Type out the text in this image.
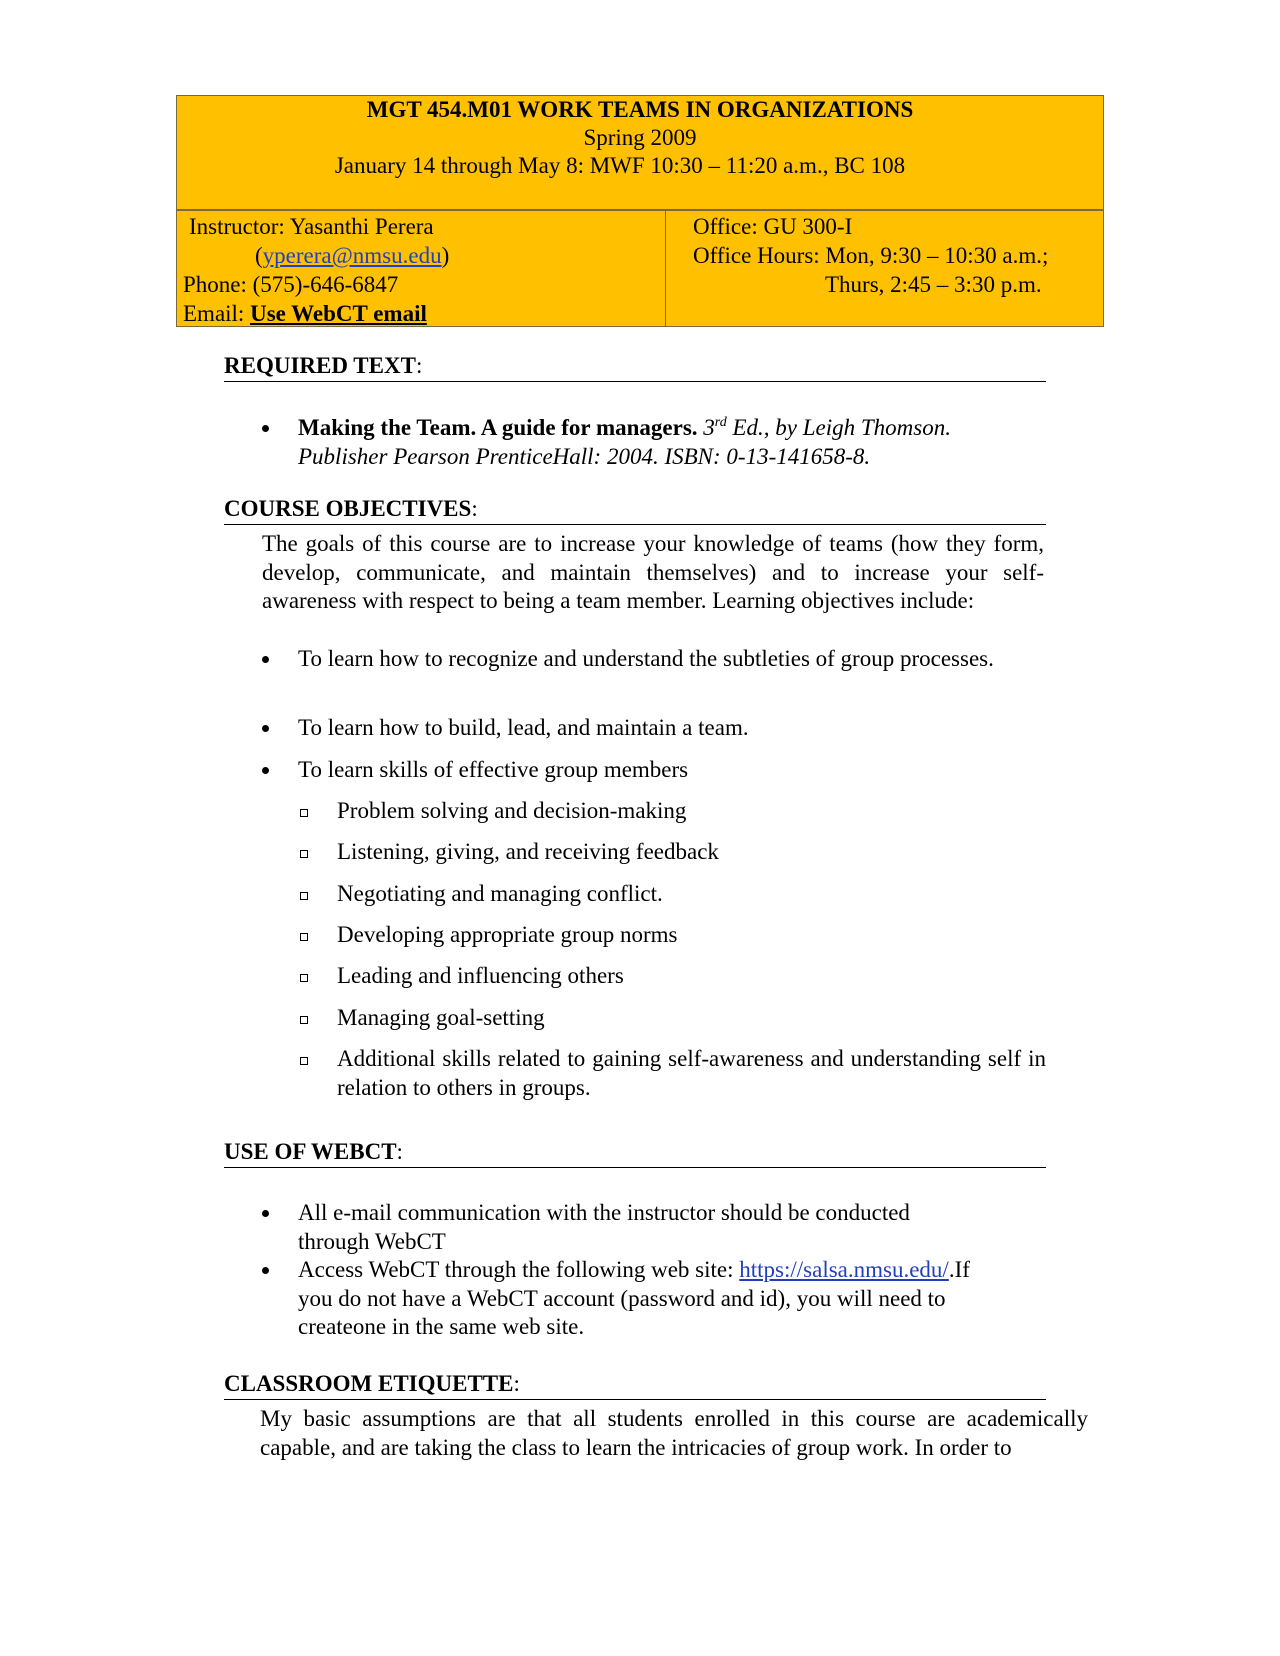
MGT 454.M01 WORK TEAMS IN ORGANIZATIONS
Spring 2009
January 14 through May 8: MWF 10:30 – 11:20 a.m., BC 108
Instructor: Yasanthi Perera
(yperera@nmsu.edu)
Phone: (575)-646-6847
Email: Use WebCT email
Office: GU 300-I
Office Hours: Mon, 9:30 – 10:30 a.m.;
Thurs, 2:45 – 3:30 p.m.
REQUIRED TEXT:
Making the Team. A guide for managers. 3rd Ed., by Leigh Thomson.
Publisher Pearson PrenticeHall: 2004. ISBN: 0-13-141658-8.
COURSE OBJECTIVES:
The goals of this course are to increase your knowledge of teams (how they form, develop, communicate, and maintain themselves) and to increase your self-awareness with respect to being a team member. Learning objectives include:
To learn how to recognize and understand the subtleties of group processes.
To learn how to build, lead, and maintain a team.
To learn skills of effective group members
Problem solving and decision-making
Listening, giving, and receiving feedback
Negotiating and managing conflict.
Developing appropriate group norms
Leading and influencing others
Managing goal-setting
Additional skills related to gaining self-awareness and understanding self in relation to others in groups.
USE OF WEBCT:
All e-mail communication with the instructor should be conducted through WebCT
Access WebCT through the following web site: https://salsa.nmsu.edu/.If you do not have a WebCT account (password and id), you will need to createone in the same web site.
CLASSROOM ETIQUETTE:
My basic assumptions are that all students enrolled in this course are academically capable, and are taking the class to learn the intricacies of group work. In order to
